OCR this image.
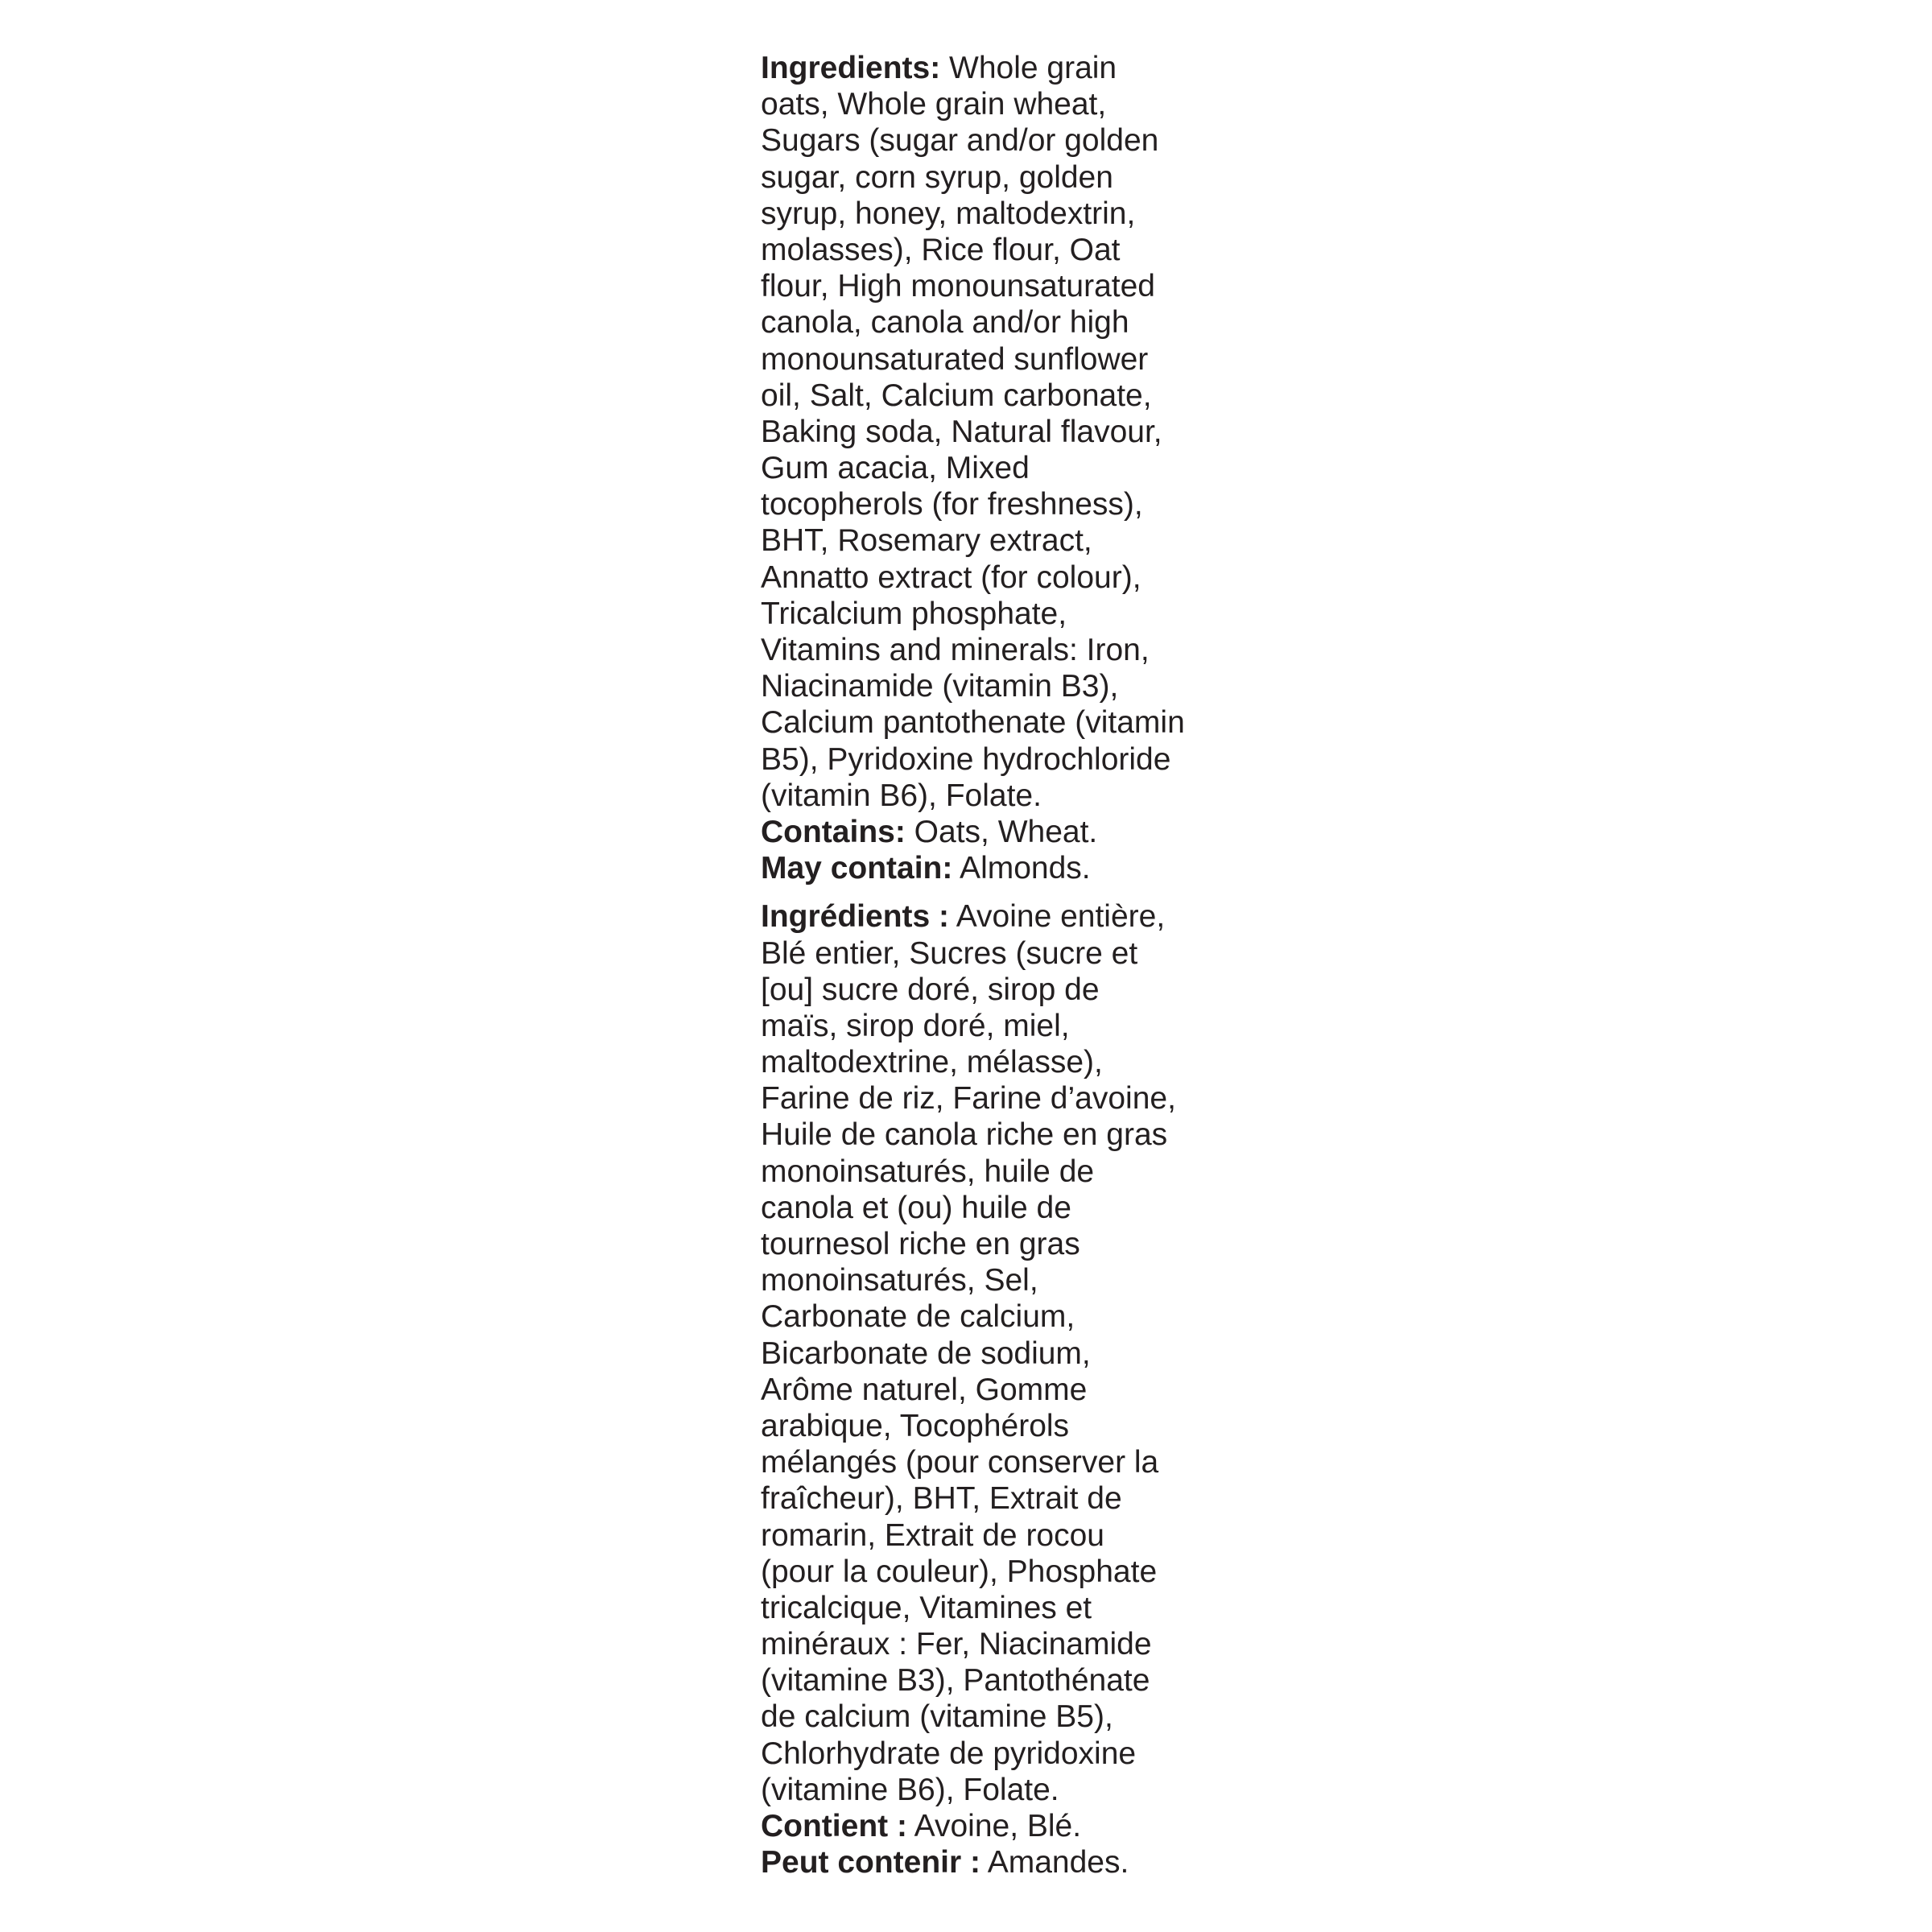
Ingredients: Whole grain
oats, Whole grain wheat,
Sugars (sugar and/or golden
sugar, corn syrup, golden
syrup, honey, maltodextrin,
molasses), Rice flour, Oat
flour, High monounsaturated
canola, canola and/or high
monounsaturated sunflower
oil, Salt, Calcium carbonate,
Baking soda, Natural flavour,
Gum acacia, Mixed
tocopherols (for freshness),
BHT, Rosemary extract,
Annatto extract (for colour),
Tricalcium phosphate,
Vitamins and minerals: Iron,
Niacinamide (vitamin B3),
Calcium pantothenate (vitamin
B5), Pyridoxine hydrochloride
(vitamin B6), Folate.
Contains: Oats, Wheat.
May contain: Almonds.
Ingrédients : Avoine entière,
Blé entier, Sucres (sucre et
[ou] sucre doré, sirop de
maïs, sirop doré, miel,
maltodextrine, mélasse),
Farine de riz, Farine d’avoine,
Huile de canola riche en gras
monoinsaturés, huile de
canola et (ou) huile de
tournesol riche en gras
monoinsaturés, Sel,
Carbonate de calcium,
Bicarbonate de sodium,
Arôme naturel, Gomme
arabique, Tocophérols
mélangés (pour conserver la
fraîcheur), BHT, Extrait de
romarin, Extrait de rocou
(pour la couleur), Phosphate
tricalcique, Vitamines et
minéraux : Fer, Niacinamide
(vitamine B3), Pantothénate
de calcium (vitamine B5),
Chlorhydrate de pyridoxine
(vitamine B6), Folate.
Contient : Avoine, Blé.
Peut contenir : Amandes.
